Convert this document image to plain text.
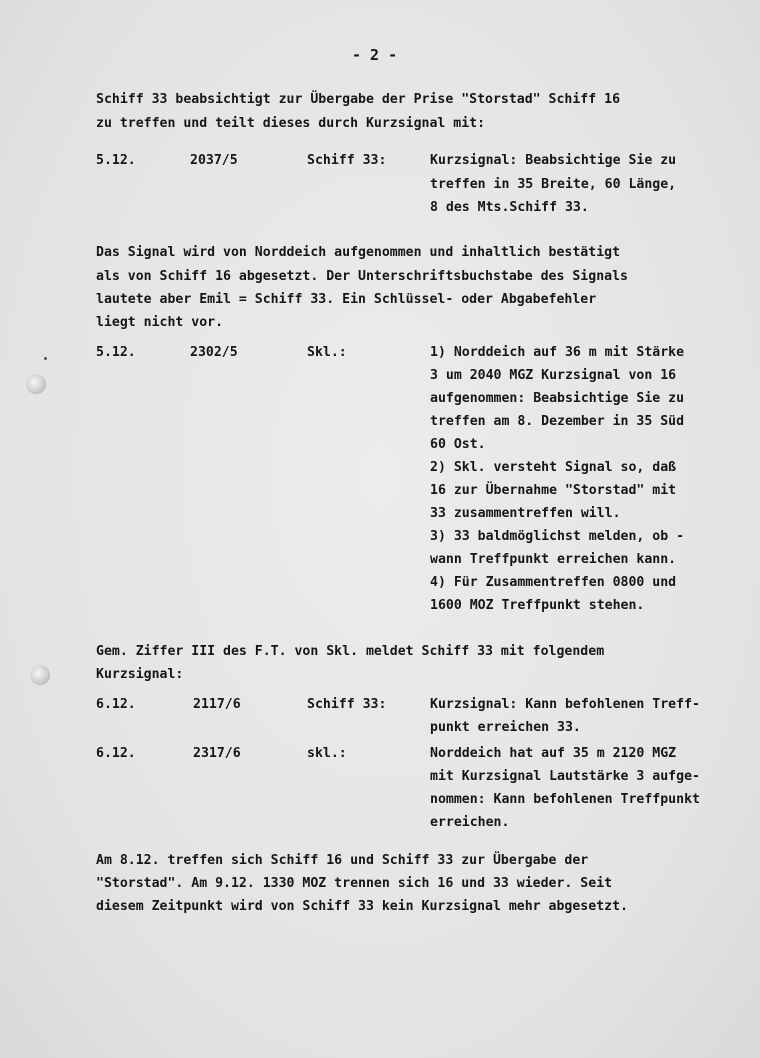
- 2 -
Schiff 33 beabsichtigt zur Übergabe der Prise "Storstad" Schiff 16
zu treffen und teilt dieses durch Kurzsignal mit:
5.12.	2037/5	Schiff 33:	Kurzsignal: Beabsichtige Sie zu
treffen in 35 Breite, 60 Länge,
8 des Mts.Schiff 33.
Das Signal wird von Norddeich aufgenommen und inhaltlich bestätigt
als von Schiff 16 abgesetzt. Der Unterschriftsbuchstabe des Signals
lautete aber Emil = Schiff 33. Ein Schlüssel- oder Abgabefehler
liegt nicht vor.
5.12.	2302/5	Skl.:	1) Norddeich auf 36 m mit Stärke
3 um 2040 MGZ Kurzsignal von 16
aufgenommen: Beabsichtige Sie zu
treffen am 8. Dezember in 35 Süd
60 Ost.
2) Skl. versteht Signal so, daß
16 zur Übernahme "Storstad" mit
33 zusammentreffen will.
3) 33 baldmöglichst melden, ob -
wann Treffpunkt erreichen kann.
4) Für Zusammentreffen 0800 und
1600 MOZ Treffpunkt stehen.
Gem. Ziffer III des F.T. von Skl. meldet Schiff 33 mit folgendem
Kurzsignal:
6.12.	2117/6	Schiff 33:	Kurzsignal: Kann befohlenen Treff-
punkt erreichen 33.
6.12.	2317/6	skl.:	Norddeich hat auf 35 m 2120 MGZ
mit Kurzsignal Lautstärke 3 aufge-
nommen: Kann befohlenen Treffpunkt
erreichen.
Am 8.12. treffen sich Schiff 16 und Schiff 33 zur Übergabe der
"Storstad". Am 9.12. 1330 MOZ trennen sich 16 und 33 wieder. Seit
diesem Zeitpunkt wird von Schiff 33 kein Kurzsignal mehr abgesetzt.
